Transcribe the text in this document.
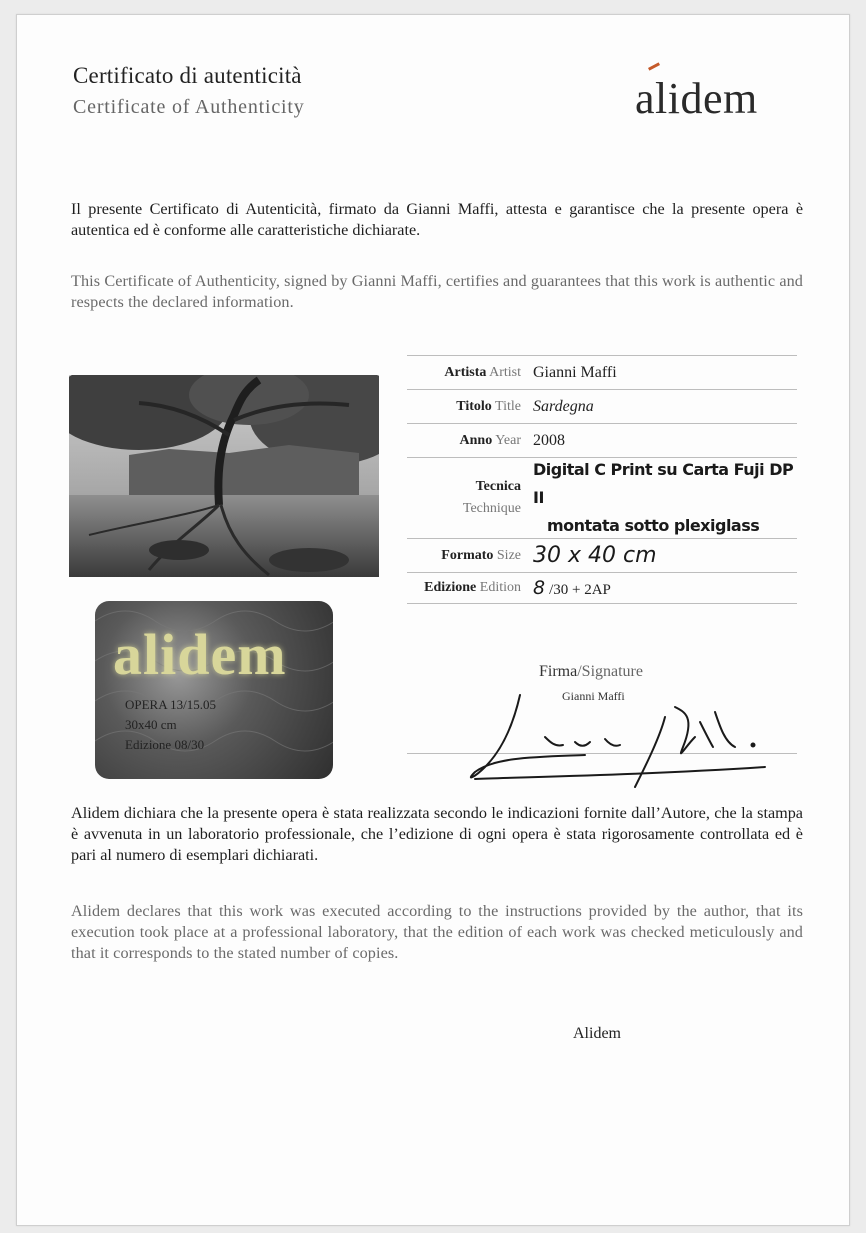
Certificato di autenticità
Certificate of Authenticity	alidem
Il presente Certificato di Autenticità, firmato da Gianni Maffi, attesta e garantisce che la presente opera è autentica ed è conforme alle caratteristiche dichiarate.
This Certificate of Authenticity, signed by Gianni Maffi, certifies and guarantees that this work is authentic and respects the declared information.
alidem
OPERA 13/15.05
30x40 cm
Edizione 08/30
Artista Artist Gianni Maffi
Titolo Title Sardegna
Anno Year 2008
Tecnica
Technique
Digital C Print su Carta Fuji DP II
montata sotto plexiglass
Formato Size 30 x 40 cm
Edizione Edition 8 /30 + 2AP
Firma/Signature
Gianni Maffi
Alidem dichiara che la presente opera è stata realizzata secondo le indicazioni fornite dall’Autore, che la stampa è avvenuta in un laboratorio professionale, che l’edizione di ogni opera è stata rigorosamente controllata ed è pari al numero di esemplari dichiarati.
Alidem declares that this work was executed according to the instructions provided by the author, that its execution took place at a professional laboratory, that the edition of each work was checked meticulously and that it corresponds to the stated number of copies.
Alidem
